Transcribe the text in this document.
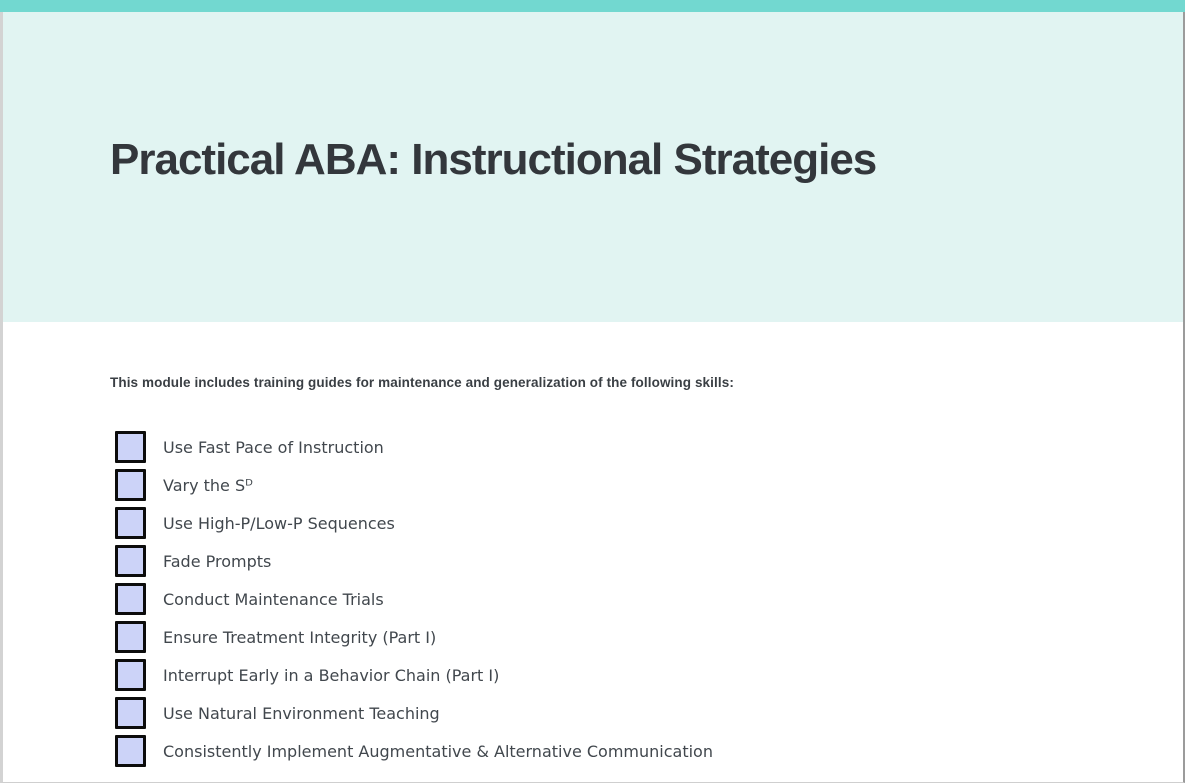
Practical ABA: Instructional Strategies

This module includes training guides for maintenance and generalization of the following skills:

Use Fast Pace of Instruction
Vary the Sᴰ
Use High-P/Low-P Sequences
Fade Prompts
Conduct Maintenance Trials
Ensure Treatment Integrity (Part I)
Interrupt Early in a Behavior Chain (Part I)
Use Natural Environment Teaching
Consistently Implement Augmentative & Alternative Communication
